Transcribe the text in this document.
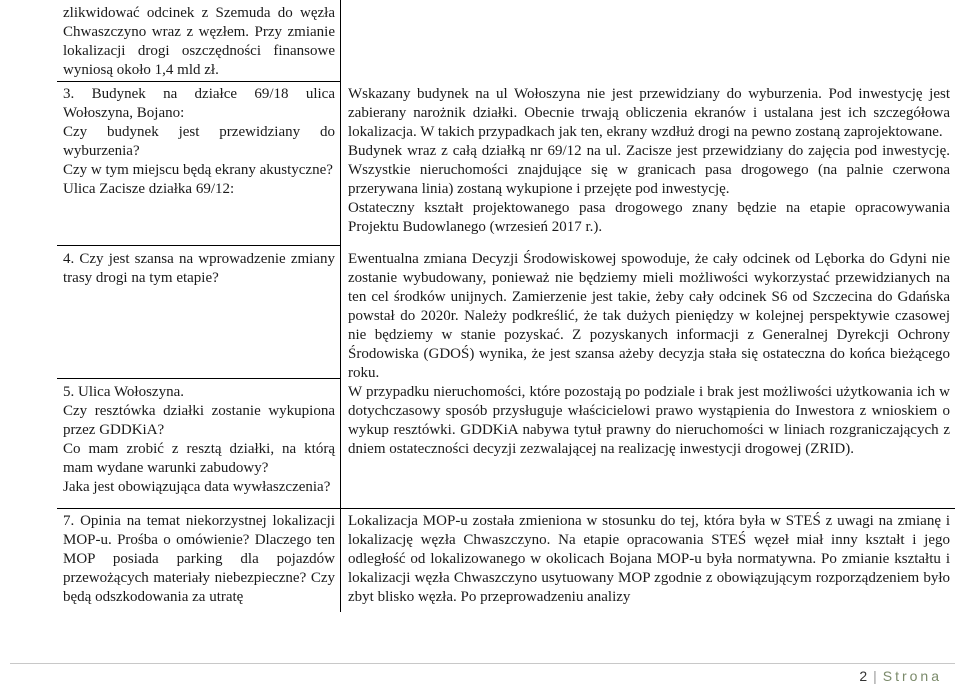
zlikwidować odcinek z Szemuda do węzła Chwaszczyno wraz z węzłem. Przy zmianie lokalizacji drogi oszczędności finansowe wyniosą około 1,4 mld zł.

3. Budynek na działce 69/18 ulica Wołoszyna, Bojano:

Czy budynek jest przewidziany do wyburzenia?

Czy w tym miejscu będą ekrany akustyczne?

Ulica Zacisze działka 69/12:

Wskazany budynek na ul Wołoszyna nie jest przewidziany do wyburzenia. Pod inwestycję jest zabierany narożnik działki. Obecnie trwają obliczenia ekranów i ustalana jest ich szczegółowa lokalizacja. W takich przypadkach jak ten, ekrany wzdłuż drogi na pewno zostaną zaprojektowane.

Budynek wraz z całą działką nr 69/12 na ul. Zacisze jest przewidziany do zajęcia pod inwestycję. Wszystkie nieruchomości znajdujące się w granicach pasa drogowego (na palnie czerwona przerywana linia) zostaną wykupione i przejęte pod inwestycję.

Ostateczny kształt projektowanego pasa drogowego znany będzie na etapie opracowywania Projektu Budowlanego (wrzesień 2017 r.).

4. Czy jest szansa na wprowadzenie zmiany trasy drogi na tym etapie?

Ewentualna zmiana Decyzji Środowiskowej spowoduje, że cały odcinek od Lęborka do Gdyni nie zostanie wybudowany, ponieważ nie będziemy mieli możliwości wykorzystać przewidzianych na ten cel środków unijnych. Zamierzenie jest takie, żeby cały odcinek S6 od Szczecina do Gdańska powstał do 2020r. Należy podkreślić, że tak dużych pieniędzy w kolejnej perspektywie czasowej nie będziemy w stanie pozyskać. Z pozyskanych informacji z Generalnej Dyrekcji Ochrony Środowiska (GDOŚ) wynika, że jest szansa ażeby decyzja stała się ostateczna do końca bieżącego roku.

5. Ulica Wołoszyna.

Czy resztówka działki zostanie wykupiona przez GDDKiA?

Co mam zrobić z resztą działki, na którą mam wydane warunki zabudowy?

Jaka jest obowiązująca data wywłaszczenia?

W przypadku nieruchomości, które pozostają po podziale i brak jest możliwości użytkowania ich w dotychczasowy sposób przysługuje właścicielowi prawo wystąpienia do Inwestora z wnioskiem o wykup resztówki. GDDKiA nabywa tytuł prawny do nieruchomości w liniach rozgraniczających z dniem ostateczności decyzji zezwalającej na realizację inwestycji drogowej (ZRID).

7. Opinia na temat niekorzystnej lokalizacji MOP-u. Prośba o omówienie? Dlaczego ten MOP posiada parking dla pojazdów przewożących materiały niebezpieczne? Czy będą odszkodowania za utratę

Lokalizacja MOP-u została zmieniona w stosunku do tej, która była w STEŚ z uwagi na zmianę i lokalizację węzła Chwaszczyno. Na etapie opracowania STEŚ węzeł miał inny kształt i jego odległość od lokalizowanego w okolicach Bojana MOP-u była normatywna. Po zmianie kształtu i lokalizacji węzła Chwaszczyno usytuowany MOP zgodnie z obowiązującym rozporządzeniem było zbyt blisko węzła. Po przeprowadzeniu analizy

2 | Strona
